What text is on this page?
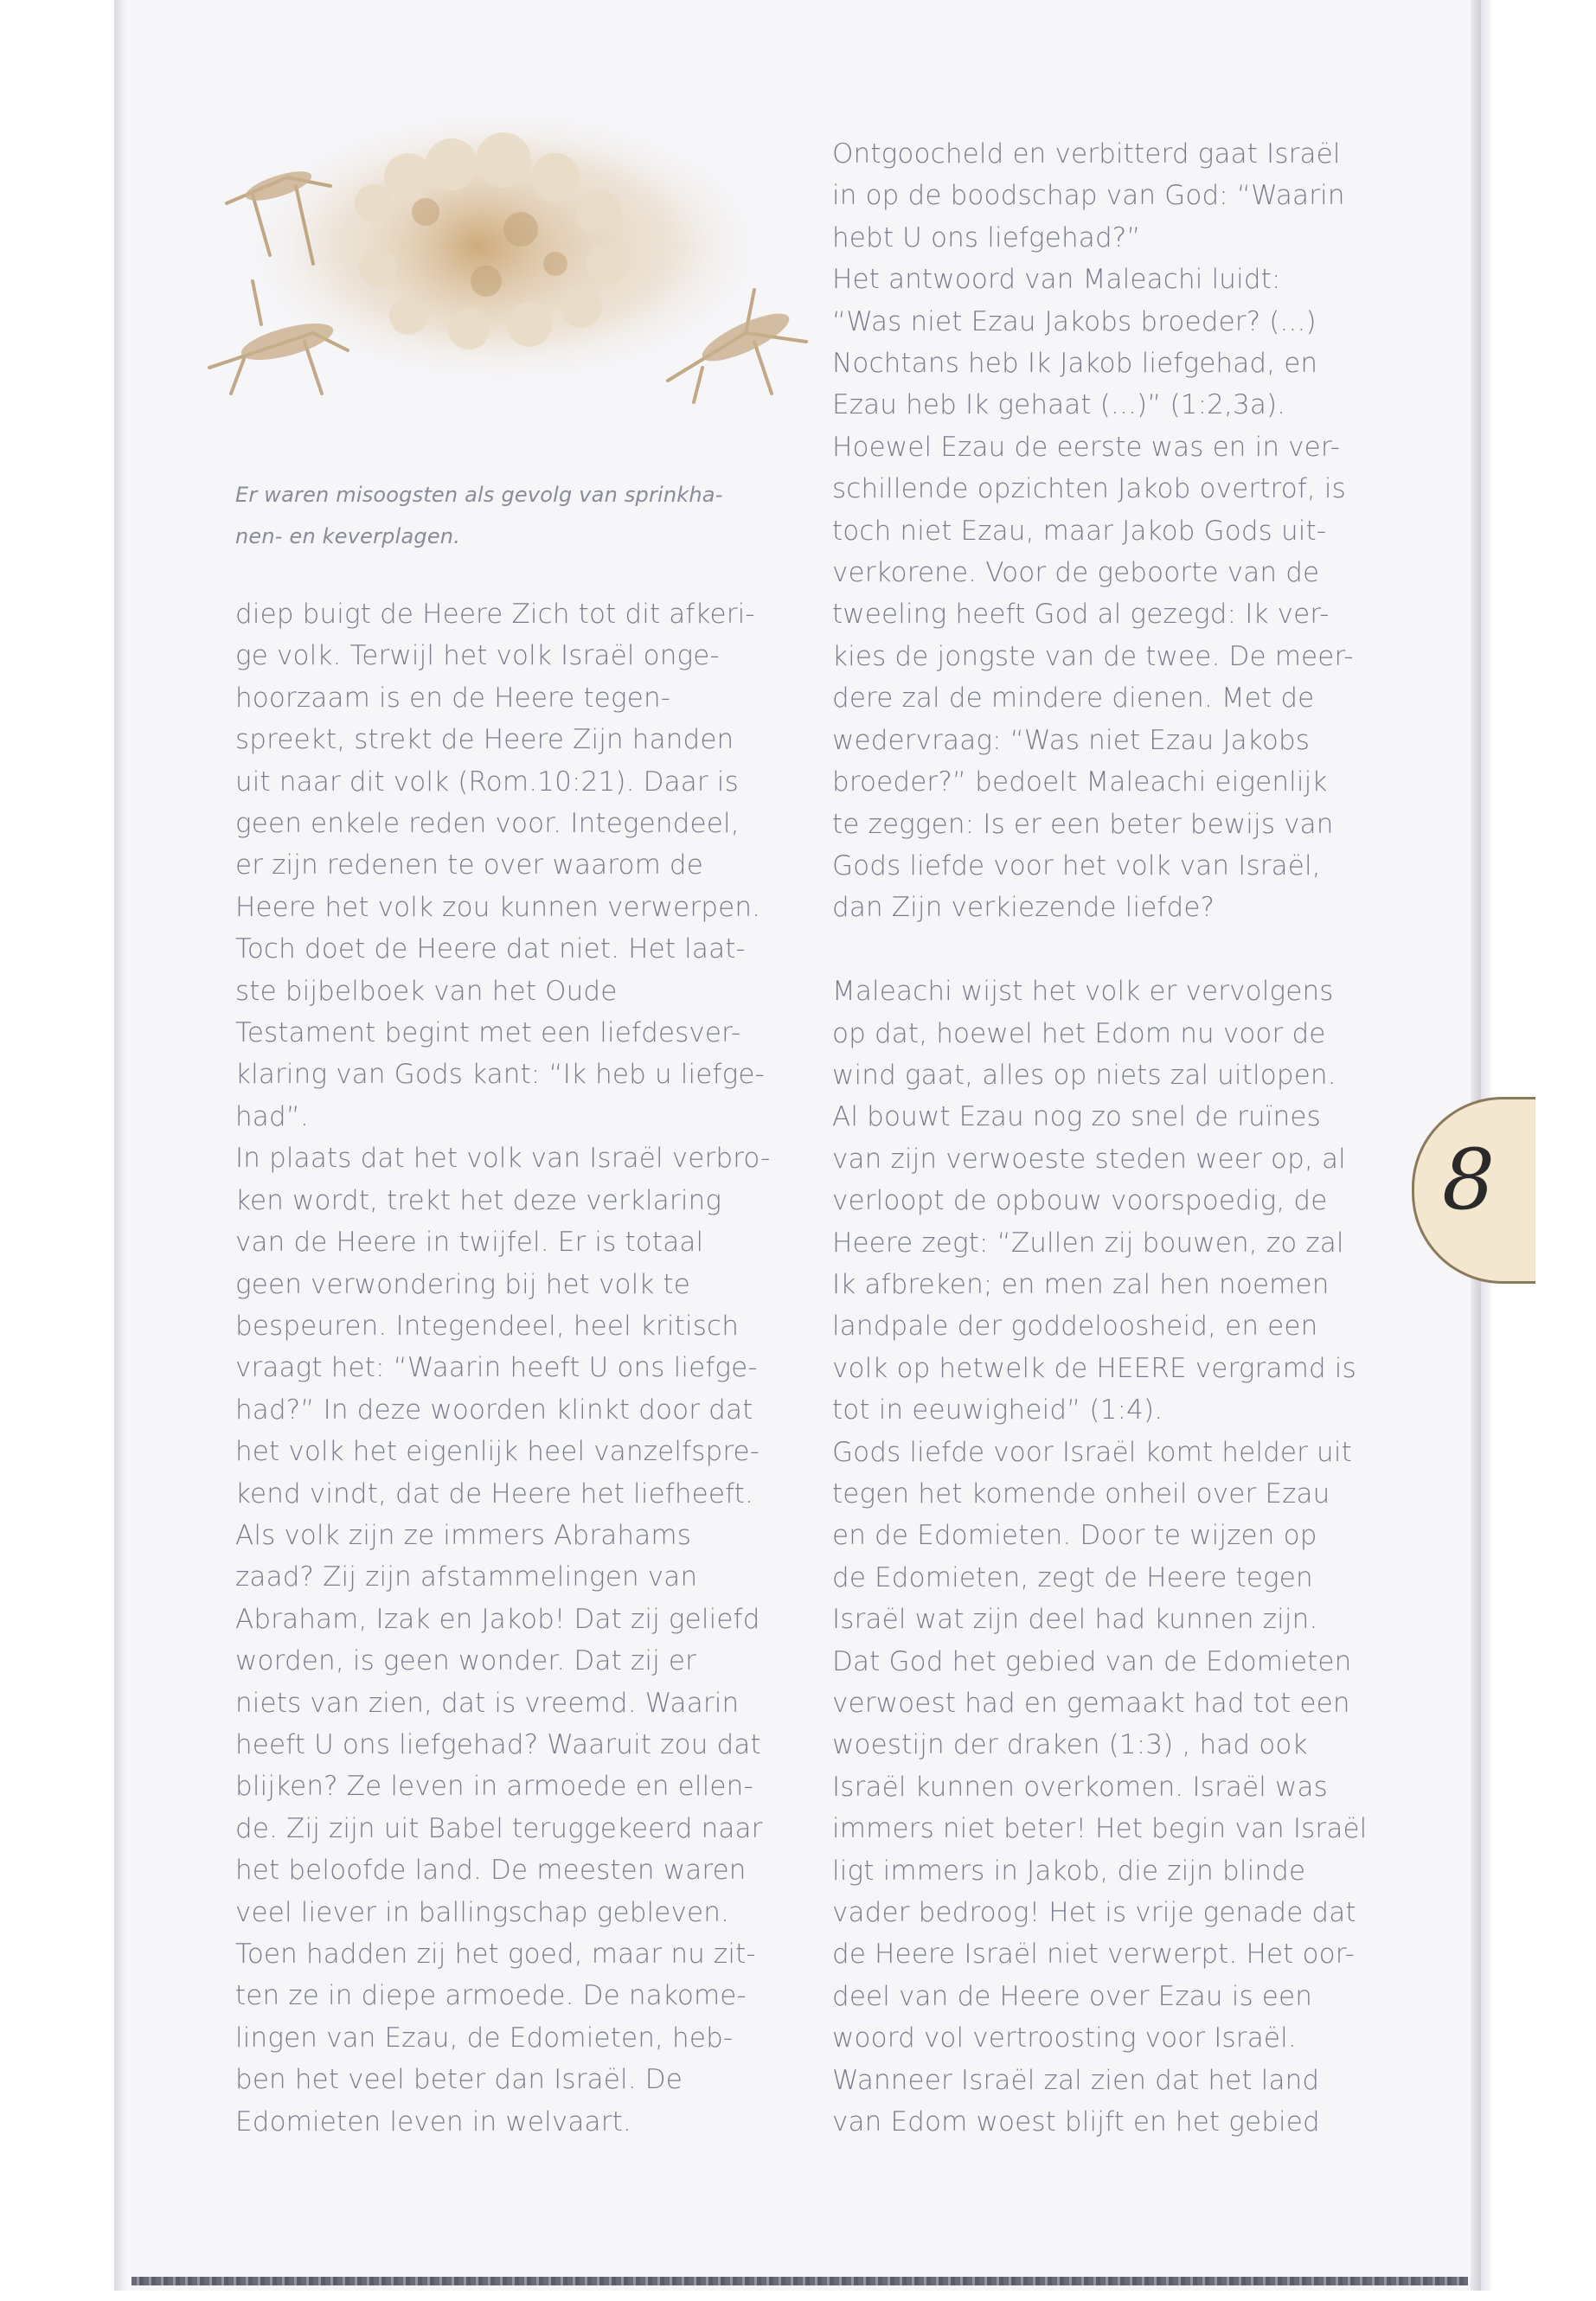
Er waren misoogsten als gevolg van sprinkha-
nen- en keverplagen.
diep buigt de Heere Zich tot dit afkeri-
ge volk. Terwijl het volk Israël onge-
hoorzaam is en de Heere tegen-
spreekt, strekt de Heere Zijn handen
uit naar dit volk (Rom.10:21). Daar is
geen enkele reden voor. Integendeel,
er zijn redenen te over waarom de
Heere het volk zou kunnen verwerpen.
Toch doet de Heere dat niet. Het laat-
ste bijbelboek van het Oude
Testament begint met een liefdesver-
klaring van Gods kant: “Ik heb u liefge-
had”.
In plaats dat het volk van Israël verbro-
ken wordt, trekt het deze verklaring
van de Heere in twijfel. Er is totaal
geen verwondering bij het volk te
bespeuren. Integendeel, heel kritisch
vraagt het: “Waarin heeft U ons liefge-
had?” In deze woorden klinkt door dat
het volk het eigenlijk heel vanzelfspre-
kend vindt, dat de Heere het liefheeft.
Als volk zijn ze immers Abrahams
zaad? Zij zijn afstammelingen van
Abraham, Izak en Jakob! Dat zij geliefd
worden, is geen wonder. Dat zij er
niets van zien, dat is vreemd. Waarin
heeft U ons liefgehad? Waaruit zou dat
blijken? Ze leven in armoede en ellen-
de. Zij zijn uit Babel teruggekeerd naar
het beloofde land. De meesten waren
veel liever in ballingschap gebleven.
Toen hadden zij het goed, maar nu zit-
ten ze in diepe armoede. De nakome-
lingen van Ezau, de Edomieten, heb-
ben het veel beter dan Israël. De
Edomieten leven in welvaart.
Ontgoocheld en verbitterd gaat Israël
in op de boodschap van God: “Waarin
hebt U ons liefgehad?”
Het antwoord van Maleachi luidt:
“Was niet Ezau Jakobs broeder? (...)
Nochtans heb Ik Jakob liefgehad, en
Ezau heb Ik gehaat (...)” (1:2,3a).
Hoewel Ezau de eerste was en in ver-
schillende opzichten Jakob overtrof, is
toch niet Ezau, maar Jakob Gods uit-
verkorene. Voor de geboorte van de
tweeling heeft God al gezegd: Ik ver-
kies de jongste van de twee. De meer-
dere zal de mindere dienen. Met de
wedervraag: “Was niet Ezau Jakobs
broeder?” bedoelt Maleachi eigenlijk
te zeggen: Is er een beter bewijs van
Gods liefde voor het volk van Israël,
dan Zijn verkiezende liefde?
Maleachi wijst het volk er vervolgens
op dat, hoewel het Edom nu voor de
wind gaat, alles op niets zal uitlopen.
Al bouwt Ezau nog zo snel de ruïnes
van zijn verwoeste steden weer op, al
verloopt de opbouw voorspoedig, de
Heere zegt: “Zullen zij bouwen, zo zal
Ik afbreken; en men zal hen noemen
landpale der goddeloosheid, en een
volk op hetwelk de HEERE vergramd is
tot in eeuwigheid” (1:4).
Gods liefde voor Israël komt helder uit
tegen het komende onheil over Ezau
en de Edomieten. Door te wijzen op
de Edomieten, zegt de Heere tegen
Israël wat zijn deel had kunnen zijn.
Dat God het gebied van de Edomieten
verwoest had en gemaakt had tot een
woestijn der draken (1:3) , had ook
Israël kunnen overkomen. Israël was
immers niet beter! Het begin van Israël
ligt immers in Jakob, die zijn blinde
vader bedroog! Het is vrije genade dat
de Heere Israël niet verwerpt. Het oor-
deel van de Heere over Ezau is een
woord vol vertroosting voor Israël.
Wanneer Israël zal zien dat het land
van Edom woest blijft en het gebied
8
